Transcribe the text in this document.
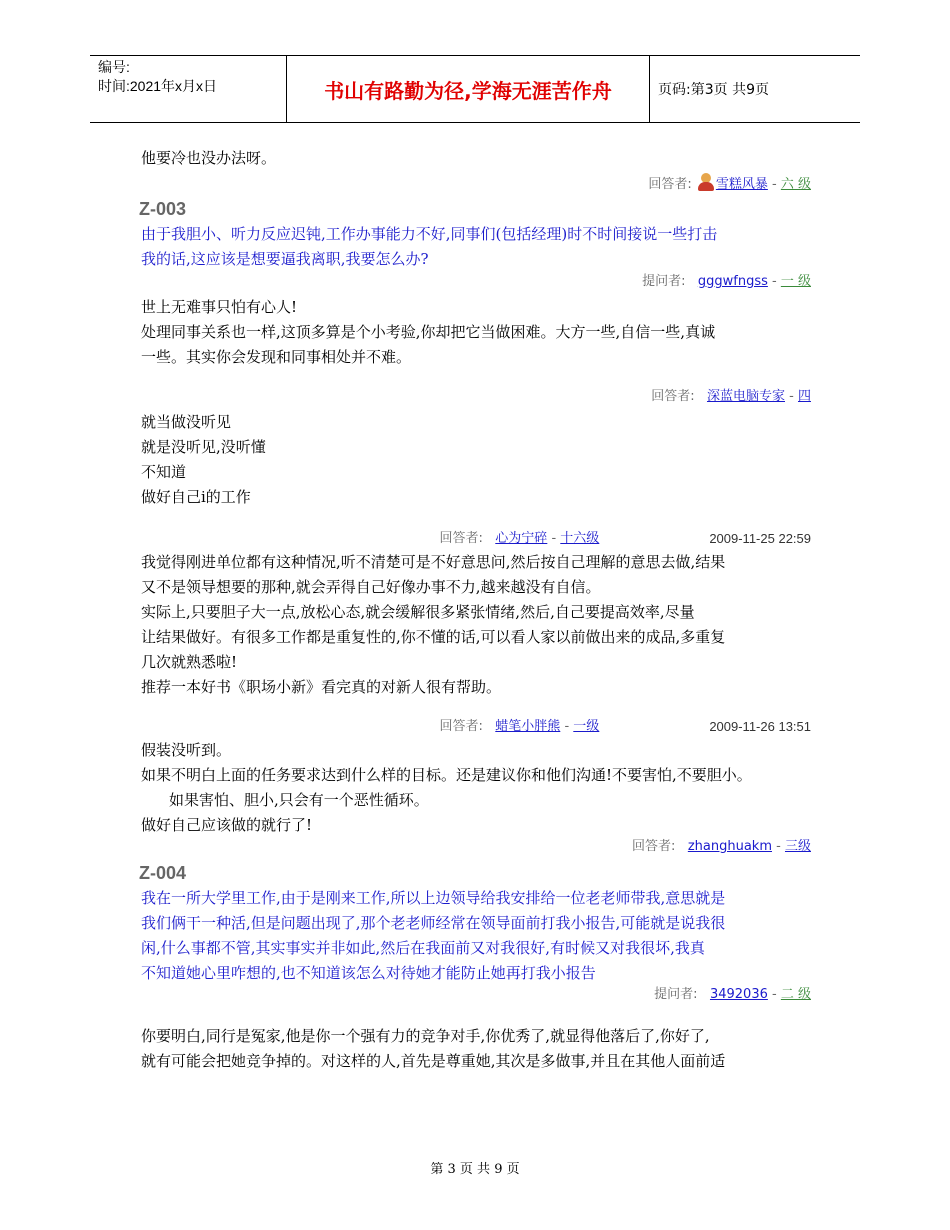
编号:
时间:2021年x月x日	书山有路勤为径,学海无涯苦作舟	页码:第3页 共9页

他要冷也没办法呀。

回答者: 雪糕风暴 - 六 级
Z-003
由于我胆小、听力反应迟钝,工作办事能力不好,同事们(包括经理)时不时间接说一些打击
我的话,这应该是想要逼我离职,我要怎么办?
提问者: gggwfngss - 一 级
世上无难事只怕有心人!
处理同事关系也一样,这顶多算是个小考验,你却把它当做困难。大方一些,自信一些,真诚
一些。其实你会发现和同事相处并不难。
回答者: 深蓝电脑专家 - 四
就当做没听见
就是没听见,没听懂
不知道
做好自己i的工作
回答者: 心为宁碎 - 十六级	2009-11-25 22:59
我觉得刚进单位都有这种情况,听不清楚可是不好意思问,然后按自己理解的意思去做,结果
又不是领导想要的那种,就会弄得自己好像办事不力,越来越没有自信。
实际上,只要胆子大一点,放松心态,就会缓解很多紧张情绪,然后,自己要提高效率,尽量
让结果做好。有很多工作都是重复性的,你不懂的话,可以看人家以前做出来的成品,多重复
几次就熟悉啦!
推荐一本好书《职场小新》看完真的对新人很有帮助。
回答者: 蜡笔小胖熊 - 一级	2009-11-26 13:51
假装没听到。
如果不明白上面的任务要求达到什么样的目标。还是建议你和他们沟通!不要害怕,不要胆小。
如果害怕、胆小,只会有一个恶性循环。
做好自己应该做的就行了!
回答者: zhanghuakm - 三级
Z-004
我在一所大学里工作,由于是刚来工作,所以上边领导给我安排给一位老老师带我,意思就是
我们俩干一种活,但是问题出现了,那个老老师经常在领导面前打我小报告,可能就是说我很
闲,什么事都不管,其实事实并非如此,然后在我面前又对我很好,有时候又对我很坏,我真
不知道她心里咋想的,也不知道该怎么对待她才能防止她再打我小报告
提问者: 3492036 - 二 级
你要明白,同行是冤家,他是你一个强有力的竞争对手,你优秀了,就显得他落后了,你好了,
就有可能会把她竞争掉的。对这样的人,首先是尊重她,其次是多做事,并且在其他人面前适
第 3 页 共 9 页
